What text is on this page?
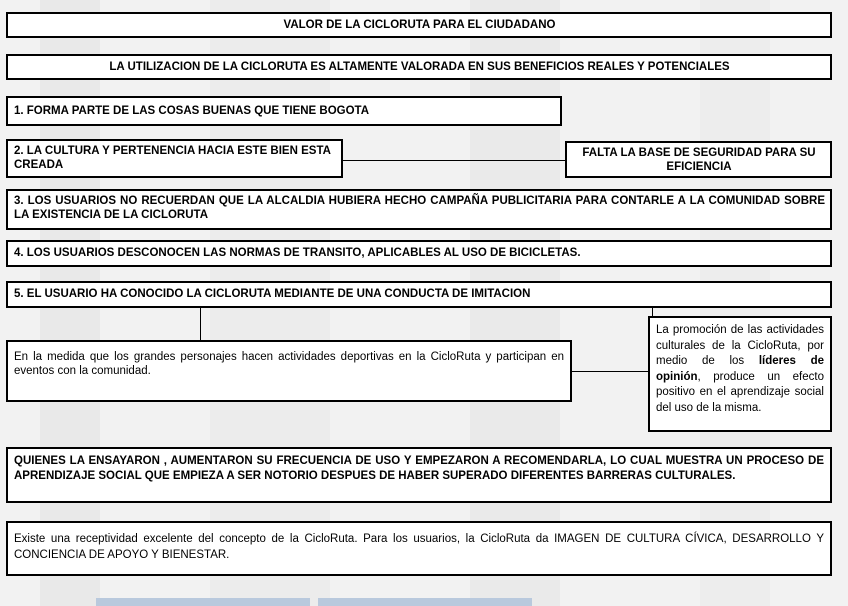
VALOR DE LA CICLORUTA PARA EL CIUDADANO
LA UTILIZACION DE LA CICLORUTA ES ALTAMENTE VALORADA EN SUS BENEFICIOS REALES Y POTENCIALES
1. FORMA PARTE DE LAS COSAS BUENAS QUE TIENE BOGOTA
2. LA CULTURA Y PERTENENCIA HACIA ESTE BIEN ESTA CREADA
FALTA LA BASE DE SEGURIDAD PARA SU EFICIENCIA
3. LOS USUARIOS NO RECUERDAN QUE LA ALCALDIA HUBIERA HECHO CAMPAÑA PUBLICITARIA PARA CONTARLE A LA COMUNIDAD SOBRE LA EXISTENCIA DE LA CICLORUTA
4. LOS USUARIOS DESCONOCEN LAS NORMAS DE TRANSITO, APLICABLES AL USO DE BICICLETAS.
5. EL USUARIO HA CONOCIDO LA CICLORUTA MEDIANTE DE UNA CONDUCTA DE IMITACION
En la medida que los grandes personajes hacen actividades deportivas en la CicloRuta y participan en eventos con la comunidad.
La promoción de las actividades culturales de la CicloRuta, por medio de los líderes de opinión, produce un efecto positivo en el aprendizaje social del uso de la misma.
QUIENES LA ENSAYARON , AUMENTARON SU FRECUENCIA DE USO Y EMPEZARON A RECOMENDARLA, LO CUAL MUESTRA UN PROCESO DE APRENDIZAJE SOCIAL QUE EMPIEZA A SER NOTORIO DESPUES DE HABER SUPERADO DIFERENTES BARRERAS CULTURALES.
Existe una receptividad excelente del concepto de la CicloRuta. Para los usuarios, la CicloRuta da IMAGEN DE CULTURA CÍVICA, DESARROLLO Y CONCIENCIA DE APOYO Y BIENESTAR.
